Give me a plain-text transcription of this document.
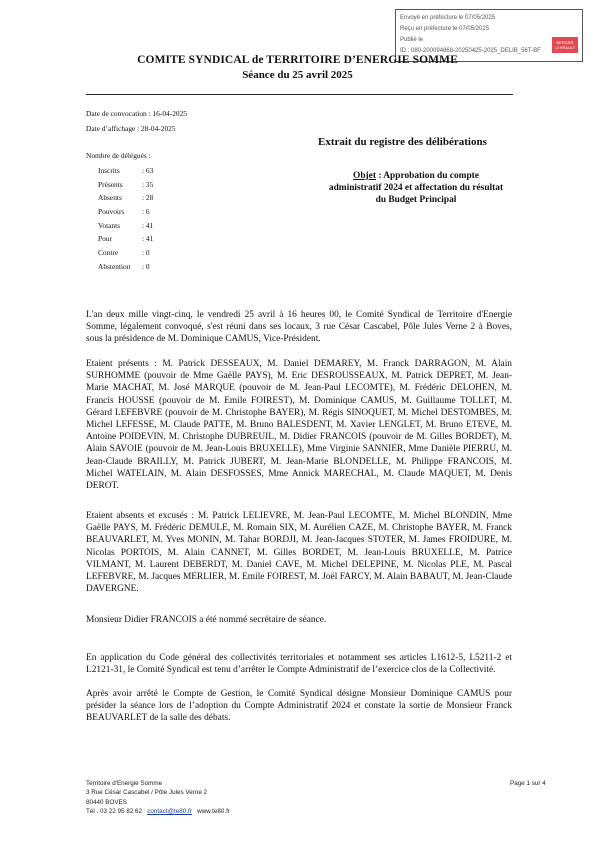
Envoyé en préfecture le 07/05/2025
Reçu en préfecture le 07/05/2025
Publié le
ID : 080-200094868-20250425-2025_DELIB_56T-BF
BERGER LEVRAULT
COMITE SYNDICAL de TERRITOIRE D’ENERGIE SOMME
Séance du 25 avril 2025
Date de convocation : 16-04-2025
Date d’affichage : 28-04-2025
Nombre de délégués :
Inscrits	: 63
Présents	: 35
Absents	: 28
Pouvoirs : 6
Votants	: 41
Pour	: 41
Contre	: 0
Abstention : 0
Extrait du registre des délibérations
Objet : Approbation du compte administratif 2024 et affectation du résultat du Budget Principal
L'an deux mille vingt-cinq, le vendredi 25 avril à 16 heures 00, le Comité Syndical de Territoire d'Energie Somme, légalement convoqué, s'est réuni dans ses locaux, 3 rue César Cascabel, Pôle Jules Verne 2 à Boves, sous la présidence de M. Dominique CAMUS, Vice-Président.
Etaient présents : M. Patrick DESSEAUX, M. Daniel DEMAREY, M. Franck DARRAGON, M. Alain SURHOMME (pouvoir de Mme Gaëlle PAYS), M. Eric DESROUSSEAUX, M. Patrick DEPRET, M. Jean-Marie MACHAT, M. José MARQUE (pouvoir de M. Jean-Paul LECOMTE), M. Frédéric DELOHEN, M. Francis HOUSSE (pouvoir de M. Emile FOIREST), M. Dominique CAMUS, M. Guillaume TOLLET, M. Gérard LEFEBVRE (pouvoir de M. Christophe BAYER), M. Régis SINOQUET, M. Michel DESTOMBES, M. Michel LEFESSE, M. Claude PATTE, M. Bruno BALESDENT, M. Xavier LENGLET, M. Bruno ETEVE, M. Antoine POIDEVIN, M. Christophe DUBREUIL, M. Didier FRANCOIS (pouvoir de M. Gilles BORDET), M. Alain SAVOIE (pouvoir de M. Jean-Louis BRUXELLE), Mme Virginie SANNIER, Mme Danièle PIERRU, M. Jean-Claude BRAILLY, M. Patrick JUBERT, M. Jean-Marie BLONDELLE, M. Philippe FRANCOIS, M. Michel WATELAIN, M. Alain DESFOSSES, Mme Annick MARECHAL, M. Claude MAQUET, M. Denis DEROT.
Etaient absents et excusés : M. Patrick LELIEVRE, M. Jean-Paul LECOMTE, M. Michel BLONDIN, Mme Gaëlle PAYS, M. Frédéric DEMULE, M. Romain SIX, M. Aurélien CAZE, M. Christophe BAYER, M. Franck BEAUVARLET, M. Yves MONIN, M. Tahar BORDJI, M. Jean-Jacques STOTER, M. James FROIDURE, M. Nicolas PORTOIS, M. Alain CANNET, M. Gilles BORDET, M. Jean-Louis BRUXELLE, M. Patrice VILMANT, M. Laurent DEBERDT, M. Daniel CAVE, M. Michel DELEPINE, M. Nicolas PLE, M. Pascal LEFEBVRE, M. Jacques MERLIER, M. Emile FOIREST, M. Joël FARCY, M. Alain BABAUT, M. Jean-Claude DAVERGNE.
Monsieur Didier FRANCOIS a été nommé secrétaire de séance.
En application du Code général des collectivités territoriales et notamment ses articles L1612-5, L5211-2 et L2121-31, le Comité Syndical est tenu d’arrêter le Compte Administratif de l’exercice clos de la Collectivité.
Après avoir arrêté le Compte de Gestion, le Comité Syndical désigne Monsieur Dominique CAMUS pour présider la séance lors de l’adoption du Compte Administratif 2024 et constate la sortie de Monsieur Franck BEAUVARLET de la salle des débats.
Territoire d'Energie Somme
3 Rue César Cascabel / Pôle Jules Verne 2
80440 BOVES
Tél : 03 22 95 82 62 contact@te80.fr www.te80.fr
Page 1 sur 4
